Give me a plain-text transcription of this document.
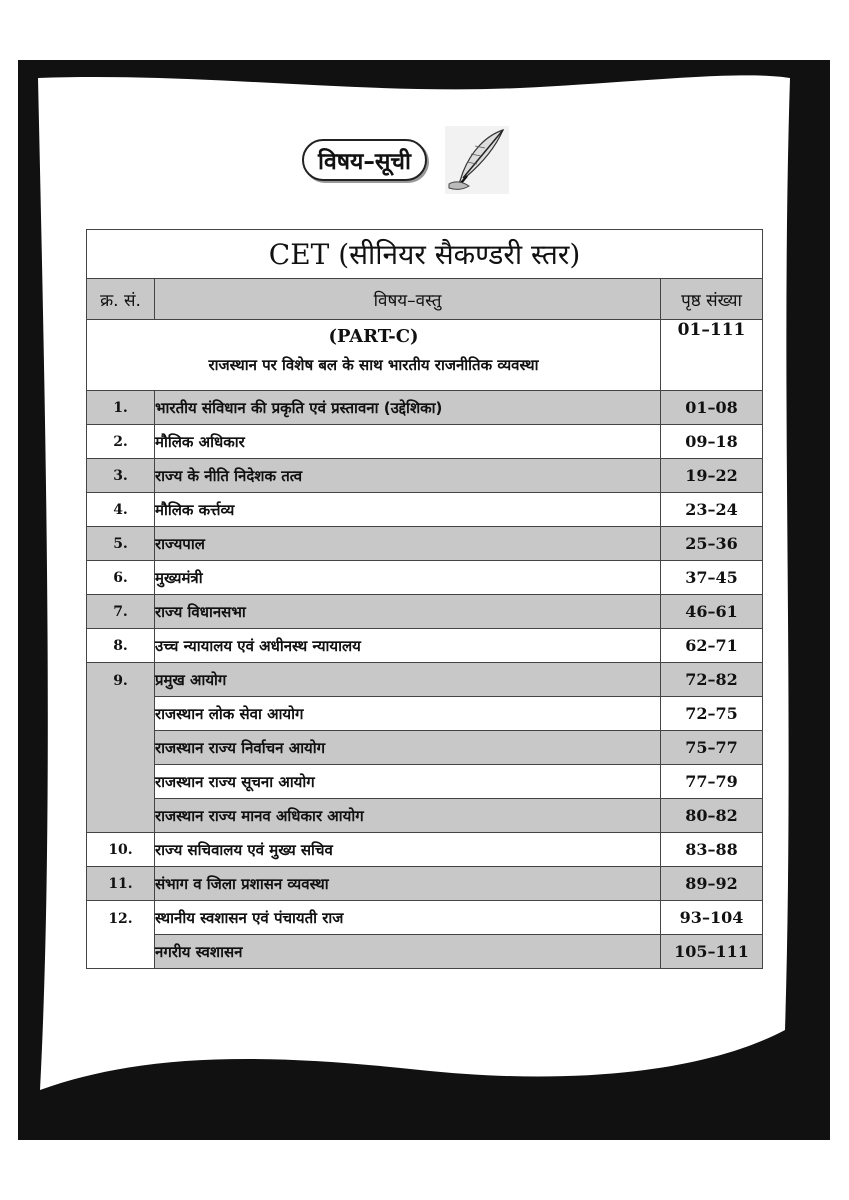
विषय–सूची
CET (सीनियर सैकण्डरी स्तर)		
क्र. सं.	विषय–वस्तु	पृष्ठ संख्या

(PART-C)
राजस्थान पर विशेष बल के साथ भारतीय राजनीतिक व्यवस्था		01–111
1.	भारतीय संविधान की प्रकृति एवं प्रस्तावना (उद्देशिका)	01–08
2.	मौलिक अधिकार	09–18
3.	राज्य के नीति निदेशक तत्व	19–22
4.	मौलिक कर्त्तव्य	23–24
5.	राज्यपाल	25–36
6.	मुख्यमंत्री	37–45
7.	राज्य विधानसभा	46–61
8.	उच्च न्यायालय एवं अधीनस्थ न्यायालय	62–71
9.	प्रमुख आयोग	72–82
	राजस्थान लोक सेवा आयोग	72–75
	राजस्थान राज्य निर्वाचन आयोग	75–77
	राजस्थान राज्य सूचना आयोग	77–79
	राजस्थान राज्य मानव अधिकार आयोग	80–82
10.	राज्य सचिवालय एवं मुख्य सचिव	83–88
11.	संभाग व जिला प्रशासन व्यवस्था	89–92
12.	स्थानीय स्वशासन एवं पंचायती राज	93–104
	नगरीय स्वशासन	105–111
